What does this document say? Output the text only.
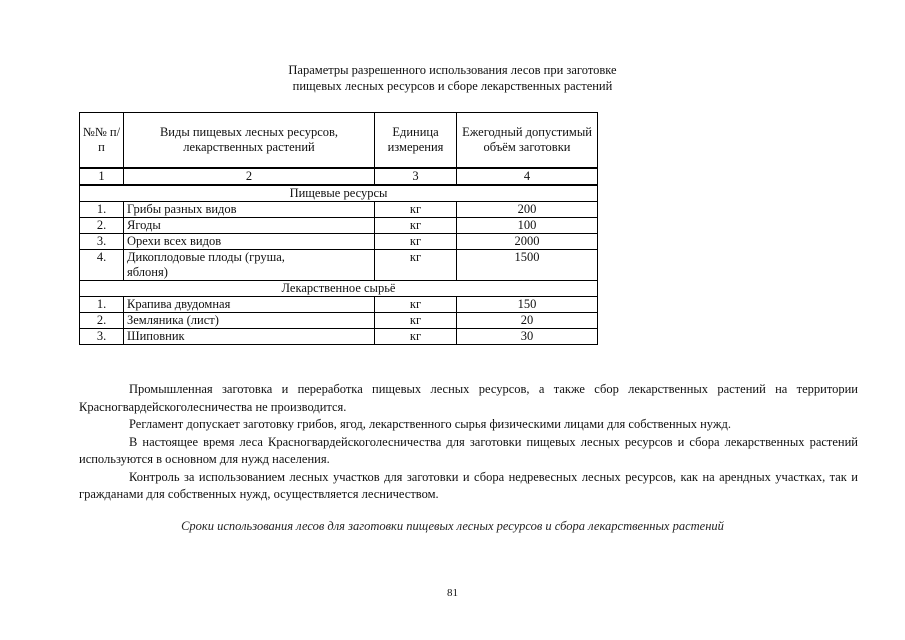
Параметры разрешенного использования лесов при заготовке
пищевых лесных ресурсов и сборе лекарственных растений
№№ п/п	Виды пищевых лесных ресурсов, лекарственных растений	Единица измерения	Ежегодный допустимый объём заготовки
1	2	3	4
Пищевые ресурсы			
1.	Грибы разных видов	кг	200
2.	Ягоды	кг	100
3.	Орехи всех видов	кг	2000
4.	Дикоплодовые плоды (груша, яблоня)	кг	1500
Лекарственное сырьё			
1.	Крапива двудомная	кг	150
2.	Земляника (лист)	кг	20
3.	Шиповник	кг	30

Промышленная заготовка и переработка пищевых лесных ресурсов, а также сбор лекарственных растений на территории Красногвардейскоголесничества не производится.

Регламент допускает заготовку грибов, ягод, лекарственного сырья физическими лицами для собственных нужд.

В настоящее время леса Красногвардейскоголесничества для заготовки пищевых лесных ресурсов и сбора лекарственных растений используются в основном для нужд населения.

Контроль за использованием лесных участков для заготовки и сбора недревесных лесных ресурсов, как на арендных участках, так и гражданами для собственных нужд, осуществляется лесничеством.

Сроки использования лесов для заготовки пищевых лесных ресурсов и сбора лекарственных растений
81
